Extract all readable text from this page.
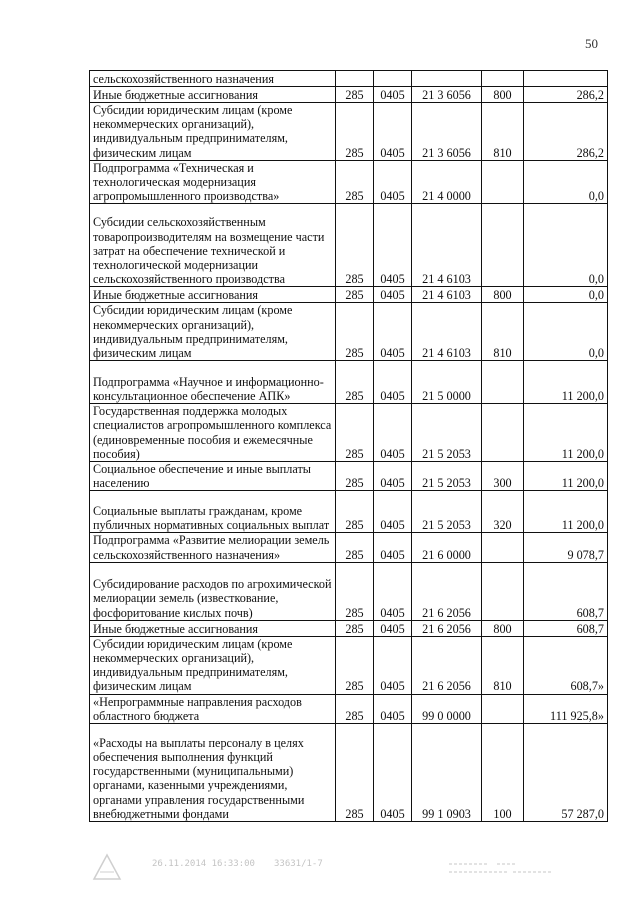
50
сельскохозяйственного назначения					
Иные бюджетные ассигнования	285	0405	21 3 6056	800	286,2
Субсидии юридическим лицам (кроме некоммерческих организаций), индивидуальным предпринимателям, физическим лицам	285	0405	21 3 6056	810	286,2
Подпрограмма «Техническая и технологическая модернизация агропромышленного производства»	285	0405	21 4 0000		0,0
Субсидии сельскохозяйственным товаропроизводителям на возмещение части затрат на обеспечение технической и технологической модернизации сельскохозяйственного производства	285	0405	21 4 6103		0,0
Иные бюджетные ассигнования	285	0405	21 4 6103	800	0,0
Субсидии юридическим лицам (кроме некоммерческих организаций), индивидуальным предпринимателям, физическим лицам	285	0405	21 4 6103	810	0,0
Подпрограмма «Научное и информационно-консультационное обеспечение АПК»	285	0405	21 5 0000		11 200,0
Государственная поддержка молодых специалистов агропромышленного комплекса (единовременные пособия и ежемесячные пособия)	285	0405	21 5 2053		11 200,0
Социальное обеспечение и иные выплаты населению	285	0405	21 5 2053	300	11 200,0
Социальные выплаты гражданам, кроме публичных нормативных социальных выплат	285	0405	21 5 2053	320	11 200,0
Подпрограмма «Развитие мелиорации земель сельскохозяйственного назначения»	285	0405	21 6 0000		9 078,7
Субсидирование расходов по агрохимической мелиорации земель (известкование, фосфоритование кислых почв)	285	0405	21 6 2056		608,7
Иные бюджетные ассигнования	285	0405	21 6 2056	800	608,7
Субсидии юридическим лицам (кроме некоммерческих организаций), индивидуальным предпринимателям, физическим лицам	285	0405	21 6 2056	810	608,7»
«Непрограммные направления расходов областного бюджета	285	0405	99 0 0000		111 925,8»
«Расходы на выплаты персоналу в целях обеспечения выполнения функций государственными (муниципальными) органами, казенными учреждениями, органами управления государственными внебюджетными фондами	285	0405	99 1 0903	100	57 287,0
26.11.2014 16:33:00 33631/1-7
